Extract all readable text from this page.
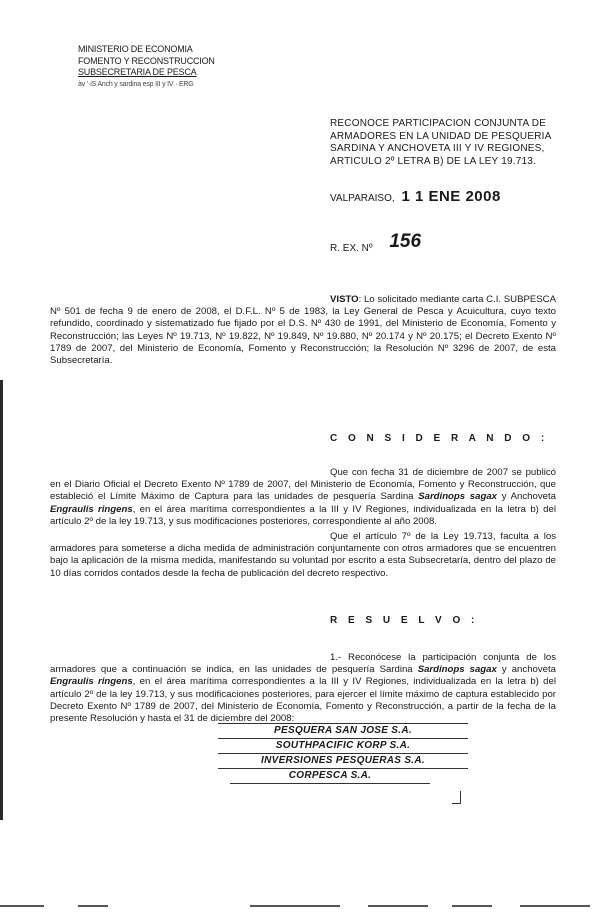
MINISTERIO DE ECONOMIA
FOMENTO Y RECONSTRUCCION
SUBSECRETARIA DE PESCA
àv ’·iS Anch y sardina esp III y IV · ERG
RECONOCE PARTICIPACION CONJUNTA DE ARMADORES EN LA UNIDAD DE PESQUERIA SARDINA Y ANCHOVETA III Y IV REGIONES, ARTICULO 2º LETRA B) DE LA LEY 19.713.
VALPARAISO, 1 1 ENE 2008
R. EX. Nº 156
VISTO: Lo solicitado mediante carta C.I. SUBPESCA Nº 501 de fecha 9 de enero de 2008, el D.F.L. Nº 5 de 1983, la Ley General de Pesca y Acuicultura, cuyo texto refundido, coordinado y sistematizado fue fijado por el D.S. Nº 430 de 1991, del Ministerio de Economía, Fomento y Reconstrucción; las Leyes Nº 19.713, Nº 19.822, Nº 19.849, Nº 19.880, Nº 20.174 y Nº 20.175; el Decreto Exento Nº 1789 de 2007, del Ministerio de Economía, Fomento y Reconstrucción; la Resolución Nº 3296 de 2007, de esta Subsecretaría.
C O N S I D E R A N D O :
Que con fecha 31 de diciembre de 2007 se publicó en el Diario Oficial el Decreto Exento Nº 1789 de 2007, del Ministerio de Economía, Fomento y Reconstrucción, que estableció el Límite Máximo de Captura para las unidades de pesquería Sardina Sardinops sagax y Anchoveta Engraulis ringens, en el área marítima correspondientes a la III y IV Regiones, individualizada en la letra b) del artículo 2º de la ley 19.713, y sus modificaciones posteriores, correspondiente al año 2008.
Que el artículo 7º de la Ley 19.713, faculta a los armadores para someterse a dicha medida de administración conjuntamente con otros armadores que se encuentren bajo la aplicación de la misma medida, manifestando su voluntad por escrito a esta Subsecretaría, dentro del plazo de 10 días corridos contados desde la fecha de publicación del decreto respectivo.
R E S U E L V O :
1.- Reconócese la participación conjunta de los armadores que a continuación se indica, en las unidades de pesquería Sardina Sardinops sagax y anchoveta Engraulis ringens, en el área marítima correspondientes a la III y IV Regiones, individualizada en la letra b) del artículo 2º de la ley 19.713, y sus modificaciones posteriores, para ejercer el límite máximo de captura establecido por Decreto Exento Nº 1789 de 2007, del Ministerio de Economía, Fomento y Reconstrucción, a partir de la fecha de la presente Resolución y hasta el 31 de diciembre del 2008:
PESQUERA SAN JOSE S.A.
SOUTHPACIFIC KORP S.A.
INVERSIONES PESQUERAS S.A.
CORPESCA S.A.
